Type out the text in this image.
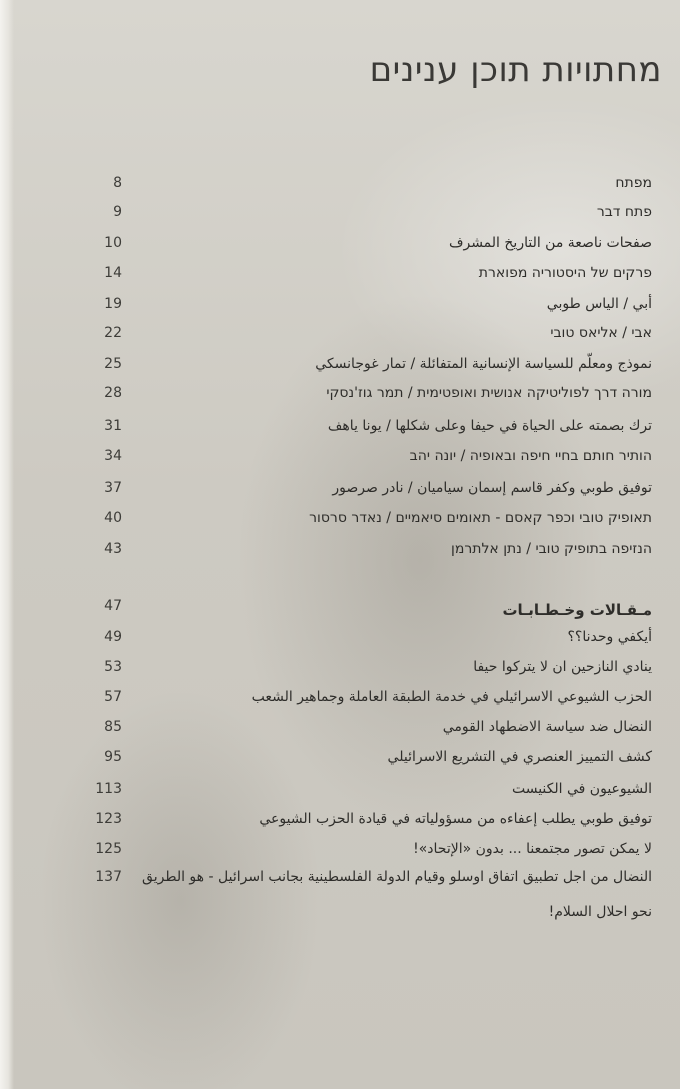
מחתויות תוכן ענינים
8	מפתח
9	פתח דבר
10	صفحات ناصعة من التاريخ المشرف
14	פרקים של היסטוריה מפוארת
19	أبي / الياس طوبي
22	אבי / אליאס טובי
25	نموذج ومعلّم للسياسة الإنسانية المتفائلة / تمار غوجانسكي
28	מורה דרך לפוליטיקה אנושית ואופטימית / תמר גוז'נסקי
31	ترك بصمته على الحياة في حيفا وعلى شكلها / يونا ياهف
34	הותיר חותם בחיי חיפה ובאופיה / יונה יהב
37	توفيق طوبي وكفر قاسم إسمان سياميان / نادر صرصور
40	תאופיק טובי וכפר קאסם - תאומים סיאמיים / נאדר סרסור
43	הנזיפה בתופיק טובי / נתן אלתרמן
47	مـقـالات وخـطـابـات
49	أيكفي وحدنا؟؟
53	ينادي النازحين ان لا يتركوا حيفا
57	الحزب الشيوعي الاسرائيلي في خدمة الطبقة العاملة وجماهير الشعب
85	النضال ضد سياسة الاضطهاد القومي
95	كشف التمييز العنصري في التشريع الاسرائيلي
113	الشيوعيون في الكنيست
123	توفيق طوبي يطلب إعفاءه من مسؤولياته في قيادة الحزب الشيوعي
125	لا يمكن تصور مجتمعنا ... بدون «الإتحاد»!
137 النضال من اجل تطبيق اتفاق اوسلو وقيام الدولة الفلسطينية بجانب اسرائيل - هو الطريق
نحو احلال السلام!
